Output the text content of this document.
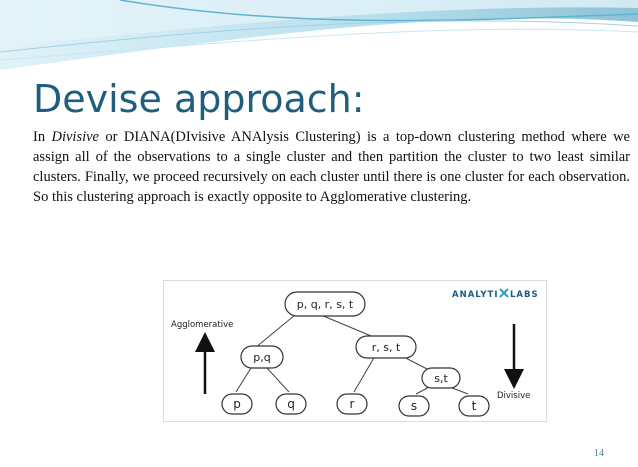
Devise approach:

In Divisive or DIANA(DIvisive ANAlysis Clustering) is a top-down clustering method where we assign all of the observations to a single cluster and then partition the cluster to two least similar clusters. Finally, we proceed recursively on each cluster until there is one cluster for each observation. So this clustering approach is exactly opposite to Agglomerative clustering.

p, q, r, s, t
p,q
r, s, t
s,t
p	q	r	s	t
Agglomerative
Divisive
ANALYTI LABS
14
